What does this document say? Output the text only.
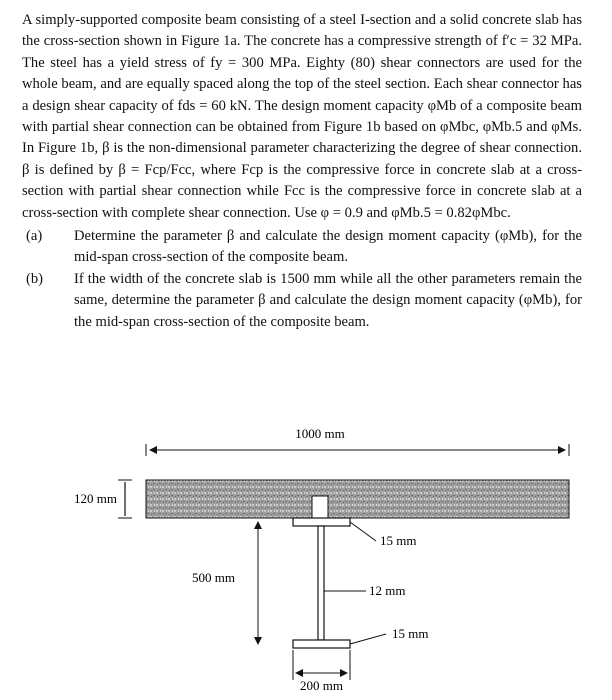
A simply-supported composite beam consisting of a steel I-section and a solid concrete slab has the cross-section shown in Figure 1a. The concrete has a compressive strength of f′c = 32 MPa. The steel has a yield stress of fy = 300 MPa. Eighty (80) shear connectors are used for the whole beam, and are equally spaced along the top of the steel section. Each shear connector has a design shear capacity of fds = 60 kN. The design moment capacity φMb of a composite beam with partial shear connection can be obtained from Figure 1b based on φMbc, φMb.5 and φMs. In Figure 1b, β is the non-dimensional parameter characterizing the degree of shear connection. β is defined by β = Fcp/Fcc, where Fcp is the compressive force in concrete slab at a cross-section with partial shear connection while Fcc is the compressive force in concrete slab at a cross-section with complete shear connection. Use φ = 0.9 and φMb.5 = 0.82φMbc.

(a)	Determine the parameter β and calculate the design moment capacity (φMb), for the mid-span cross-section of the composite beam.
(b)	If the width of the concrete slab is 1500 mm while all the other parameters remain the same, determine the parameter β and calculate the design moment capacity (φMb), for the mid-span cross-section of the composite beam.
1000 mm
120 mm
500 mm
15 mm
12 mm
15 mm
200 mm
